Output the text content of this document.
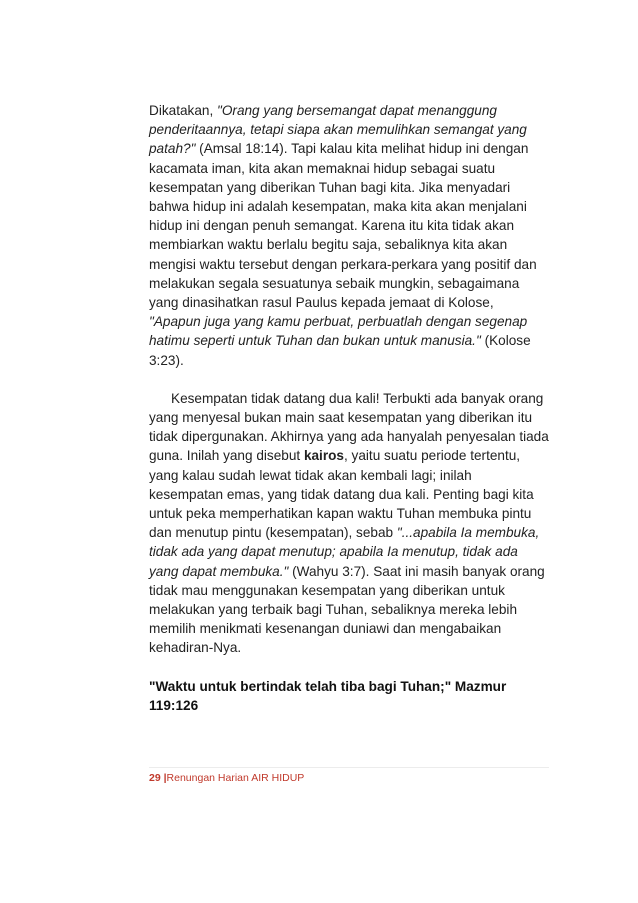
Dikatakan, "Orang yang bersemangat dapat menanggung penderitaannya, tetapi siapa akan memulihkan semangat yang patah?" (Amsal 18:14). Tapi kalau kita melihat hidup ini dengan kacamata iman, kita akan memaknai hidup sebagai suatu kesempatan yang diberikan Tuhan bagi kita. Jika menyadari bahwa hidup ini adalah kesempatan, maka kita akan menjalani hidup ini dengan penuh semangat. Karena itu kita tidak akan membiarkan waktu berlalu begitu saja, sebaliknya kita akan mengisi waktu tersebut dengan perkara-perkara yang positif dan melakukan segala sesuatunya sebaik mungkin, sebagaimana yang dinasihatkan rasul Paulus kepada jemaat di Kolose, "Apapun juga yang kamu perbuat, perbuatlah dengan segenap hatimu seperti untuk Tuhan dan bukan untuk manusia." (Kolose 3:23).

Kesempatan tidak datang dua kali! Terbukti ada banyak orang yang menyesal bukan main saat kesempatan yang diberikan itu tidak dipergunakan. Akhirnya yang ada hanyalah penyesalan tiada guna. Inilah yang disebut kairos, yaitu suatu periode tertentu, yang kalau sudah lewat tidak akan kembali lagi; inilah kesempatan emas, yang tidak datang dua kali. Penting bagi kita untuk peka memperhatikan kapan waktu Tuhan membuka pintu dan menutup pintu (kesempatan), sebab "...apabila Ia membuka, tidak ada yang dapat menutup; apabila Ia menutup, tidak ada yang dapat membuka." (Wahyu 3:7). Saat ini masih banyak orang tidak mau menggunakan kesempatan yang diberikan untuk melakukan yang terbaik bagi Tuhan, sebaliknya mereka lebih memilih menikmati kesenangan duniawi dan mengabaikan kehadiran-Nya.

"Waktu untuk bertindak telah tiba bagi Tuhan;" Mazmur 119:126

29 |Renungan Harian AIR HIDUP
